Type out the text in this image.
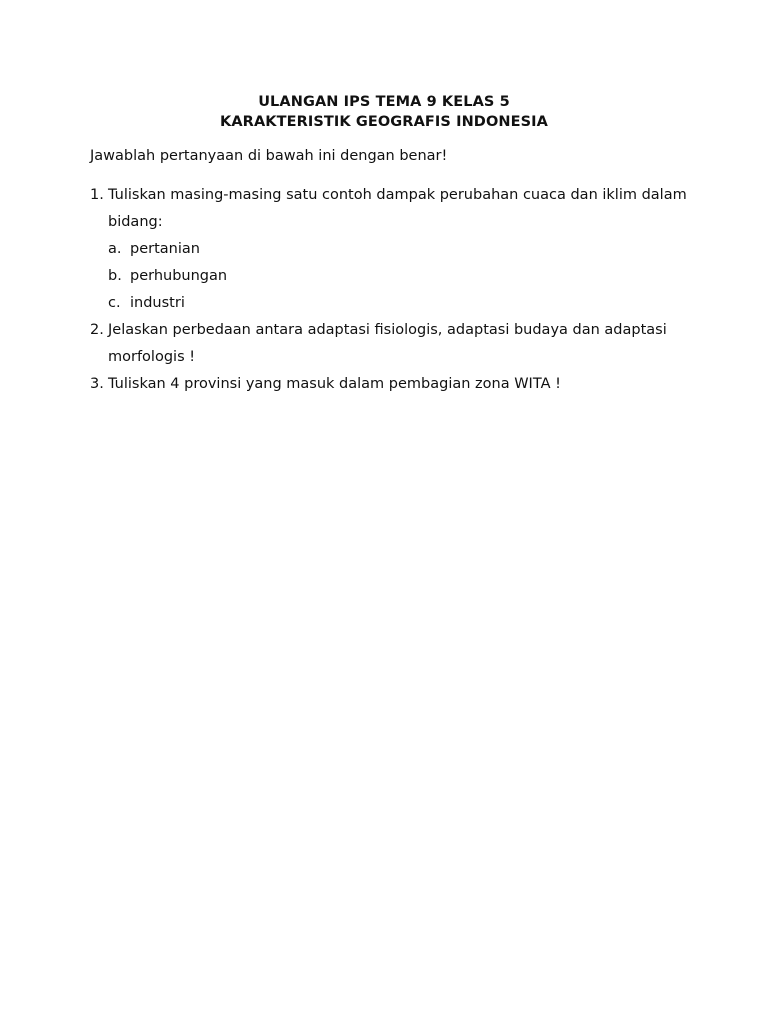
ULANGAN IPS TEMA 9 KELAS 5
KARAKTERISTIK GEOGRAFIS INDONESIA
Jawablah pertanyaan di bawah ini dengan benar!
1. Tuliskan masing-masing satu contoh dampak perubahan cuaca dan iklim dalam bidang:
a. pertanian
b. perhubungan
c. industri
2. Jelaskan perbedaan antara adaptasi fisiologis, adaptasi budaya dan adaptasi morfologis !
3. Tuliskan 4 provinsi yang masuk dalam pembagian zona WITA !
